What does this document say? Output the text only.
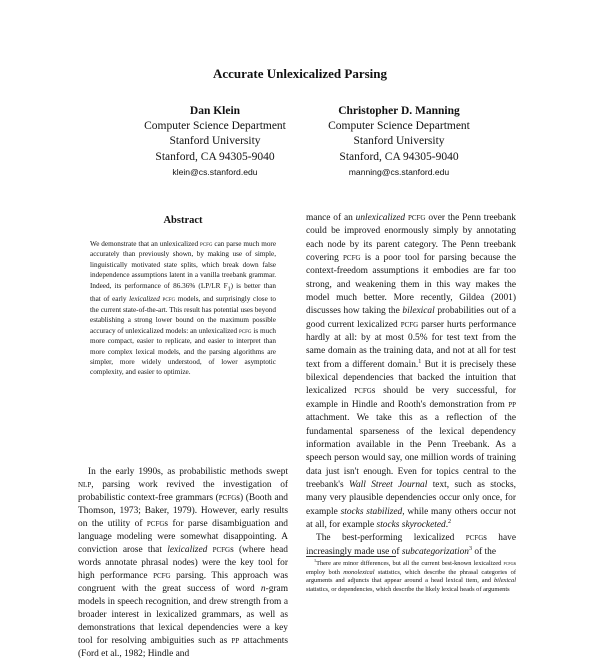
Accurate Unlexicalized Parsing
Dan Klein
Computer Science Department
Stanford University
Stanford, CA 94305-9040
klein@cs.stanford.edu
Christopher D. Manning
Computer Science Department
Stanford University
Stanford, CA 94305-9040
manning@cs.stanford.edu
Abstract

We demonstrate that an unlexicalized pcfg can parse much more accurately than previously shown, by making use of simple, linguistically motivated state splits, which break down false independence assumptions latent in a vanilla treebank grammar. Indeed, its performance of 86.36% (LP/LR $F_1$) is better than that of early lexicalized pcfg models, and surprisingly close to the current state-of-the-art. This result has potential uses beyond establishing a strong lower bound on the maximum possible accuracy of unlexicalized models: an unlexicalized pcfg is much more compact, easier to replicate, and easier to interpret than more complex lexical models, and the parsing algorithms are simpler, more widely understood, of lower asymptotic complexity, and easier to optimize.

In the early 1990s, as probabilistic methods swept nlp, parsing work revived the investigation of probabilistic context-free grammars (pcfgs) (Booth and Thomson, 1973; Baker, 1979). However, early results on the utility of pcfgs for parse disambiguation and language modeling were somewhat disappointing. A conviction arose that lexicalized pcfgs (where head words annotate phrasal nodes) were the key tool for high performance pcfg parsing. This approach was congruent with the great success of word n-gram models in speech recognition, and drew strength from a broader interest in lexicalized grammars, as well as demonstrations that lexical dependencies were a key tool for resolving ambiguities such as pp attachments (Ford et al., 1982; Hindle and

mance of an unlexicalized pcfg over the Penn treebank could be improved enormously simply by annotating each node by its parent category. The Penn treebank covering pcfg is a poor tool for parsing because the context-freedom assumptions it embodies are far too strong, and weakening them in this way makes the model much better. More recently, Gildea (2001) discusses how taking the bilexical probabilities out of a good current lexicalized pcfg parser hurts performance hardly at all: by at most 0.5% for test text from the same domain as the training data, and not at all for test text from a different domain.$^1$ But it is precisely these bilexical dependencies that backed the intuition that lexicalized pcfgs should be very successful, for example in Hindle and Rooth's demonstration from pp attachment. We take this as a reflection of the fundamental sparseness of the lexical dependency information available in the Penn Treebank. As a speech person would say, one million words of training data just isn't enough. Even for topics central to the treebank's Wall Street Journal text, such as stocks, many very plausible dependencies occur only once, for example stocks stabilized, while many others occur not at all, for example stocks skyrocketed.$^2$

The best-performing lexicalized pcfgs have increasingly made use of subcategorization$^3$ of the

$^1$There are minor differences, but all the current best-known lexicalized pcfgs employ both monolexical statistics, which describe the phrasal categories of arguments and adjuncts that appear around a head lexical item, and bilexical statistics, or dependencies, which describe the likely lexical heads of arguments
